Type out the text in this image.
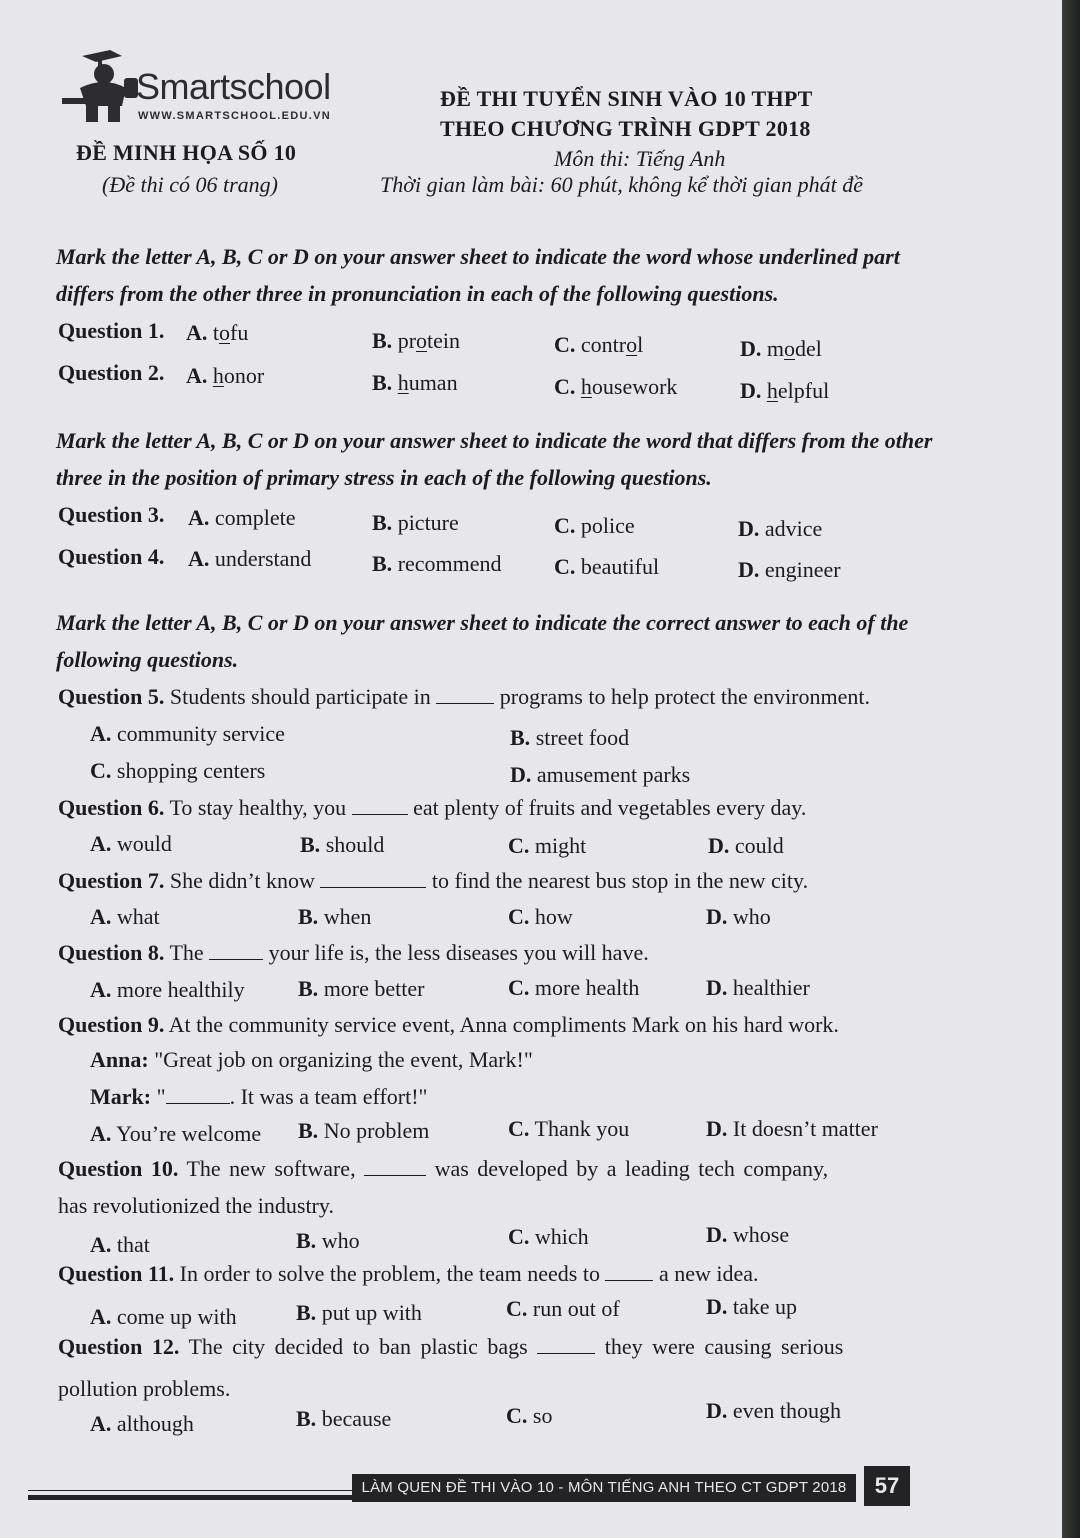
Smartschool
WWW.SMARTSCHOOL.EDU.VN
ĐỀ THI TUYỂN SINH VÀO 10 THPT
THEO CHƯƠNG TRÌNH GDPT 2018
ĐỀ MINH HỌA SỐ 10	Môn thi: Tiếng Anh
(Đề thi có 06 trang)	Thời gian làm bài: 60 phút, không kể thời gian phát đề
Mark the letter A, B, C or D on your answer sheet to indicate the word whose underlined part differs from the other three in pronunciation in each of the following questions.
Question 1. A. tofu	B. protein	C. control	D. model
Question 2. A. honor	B. human	C. housework	D. helpful
Mark the letter A, B, C or D on your answer sheet to indicate the word that differs from the other three in the position of primary stress in each of the following questions.
Question 3. A. complete	B. picture	C. police	D. advice
Question 4. A. understand	B. recommend C. beautiful	D. engineer
Mark the letter A, B, C or D on your answer sheet to indicate the correct answer to each of the following questions.
Question 5. Students should participate in	programs to help protect the environment.
A. community service	B. street food
C. shopping centers	D. amusement parks
Question 6. To stay healthy, you	eat plenty of fruits and vegetables every day.
A. would	B. should	C. might	D. could
Question 7. She didn’t know	to find the nearest bus stop in the new city.
A. what	B. when	C. how	D. who
Question 8. The	your life is, the less diseases you will have.
A. more healthily B. more better	C. more health	D. healthier
Question 9. At the community service event, Anna compliments Mark on his hard work.
Anna: "Great job on organizing the event, Mark!"
Mark: "	. It was a team effort!"
A. You’re welcome B. No problem	C. Thank you	D. It doesn’t matter
Question 10. The new software,	was developed by a leading tech company,
has revolutionized the industry.
A. that	B. who	C. which	D. whose
Question 11. In order to solve the problem, the team needs to	a new idea.
A. come up with	B. put up with	C. run out of	D. take up
Question 12. The city decided to ban plastic bags	they were causing serious
pollution problems.
A. although	B. because	C. so	D. even though
LÀM QUEN ĐỀ THI VÀO 10 - MÔN TIẾNG ANH THEO CT GDPT 2018	57
